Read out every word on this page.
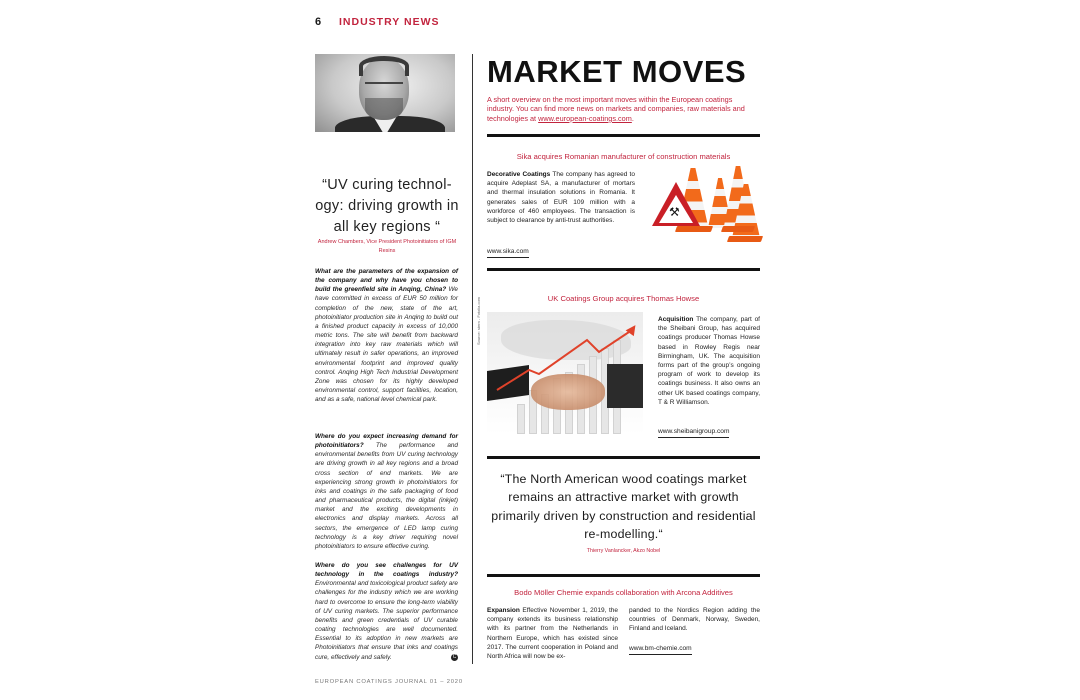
6 INDUSTRY NEWS
“UV curing technol-ogy: driving growth in all key regions “
Andrew Chambers, Vice President Photoinitiators of IGM Resins
What are the parameters of the expansion of the company and why have you chosen to build the greenfield site in Anqing, China? We have committed in excess of EUR 50 million for completion of the new, state of the art, photoinitiator production site in Anqing to build out a finished product capacity in excess of 10,000 metric tons. The site will benefit from backward integration into key raw materials which will ultimately result in safer operations, an improved environmental footprint and improved quality control. Anqing High Tech Industrial Development Zone was chosen for its highly developed environmental control, support facilities, location, and as a safe, national level chemical park.
Where do you expect increasing demand for photoinitiators? The performance and environmental benefits from UV curing technology are driving growth in all key regions and a broad cross section of end markets. We are experiencing strong growth in photoinitiators for inks and coatings in the safe packaging of food and pharmaceutical products, the digital (inkjet) market and the exciting developments in electronics and display markets. Across all sectors, the emergence of LED lamp curing technology is a key driver requiring novel photoinitiators to ensure effective curing.
Where do you see challenges for UV technology in the coatings industry? Environmental and toxicological product safety are challenges for the industry which we are working hard to overcome to ensure the long-term viability of UV curing markets. The superior performance benefits and green credentials of UV curable coating technologies are well documented. Essential to its adoption in new markets are Photoinitiators that ensure that inks and coatings cure, effectively and safely.	C
EUROPEAN COATINGS JOURNAL 01 – 2020
MARKET MOVES
A short overview on the most important moves within the European coatings industry. You can find more news on markets and companies, raw materials and technologies at www.european-coatings.com.
Sika acquires Romanian manufacturer of construction materials
Decorative Coatings The company has agreed to acquire Adeplast SA, a manufacturer of mortars and thermal insulation solutions in Romania. It generates sales of EUR 109 million with a workforce of 460 employees. The transaction is subject to clearance by anti-trust authorities.
www.sika.com
⚒
UK Coatings Group acquires Thomas Howse
Source: stern - Fotolia.com	Acquisition The company, part of the Sheibani Group, has acquired coatings producer Thomas Howse based in Rowley Regis near Birmingham, UK. The acquisition forms part of the group’s ongoing program of work to develop its coatings business. It also owns an other UK based coatings company, T & R Williamson.
www.sheibanigroup.com
“The North American wood coatings market remains an attractive market with growth primarily driven by construction and residential re-modelling.“
Thierry Vanlancker, Akzo Nobel
Bodo Möller Chemie expands collaboration with Arcona Additives
Expansion Effective November 1, 2019, the company extends its business relationship with its partner from the Netherlands in Northern Europe, which has existed since 2017. The current cooperation in Poland and North Africa will now be ex-
panded to the Nordics Region adding the countries of Denmark, Norway, Sweden, Finland and Iceland.
www.bm-chemie.com
